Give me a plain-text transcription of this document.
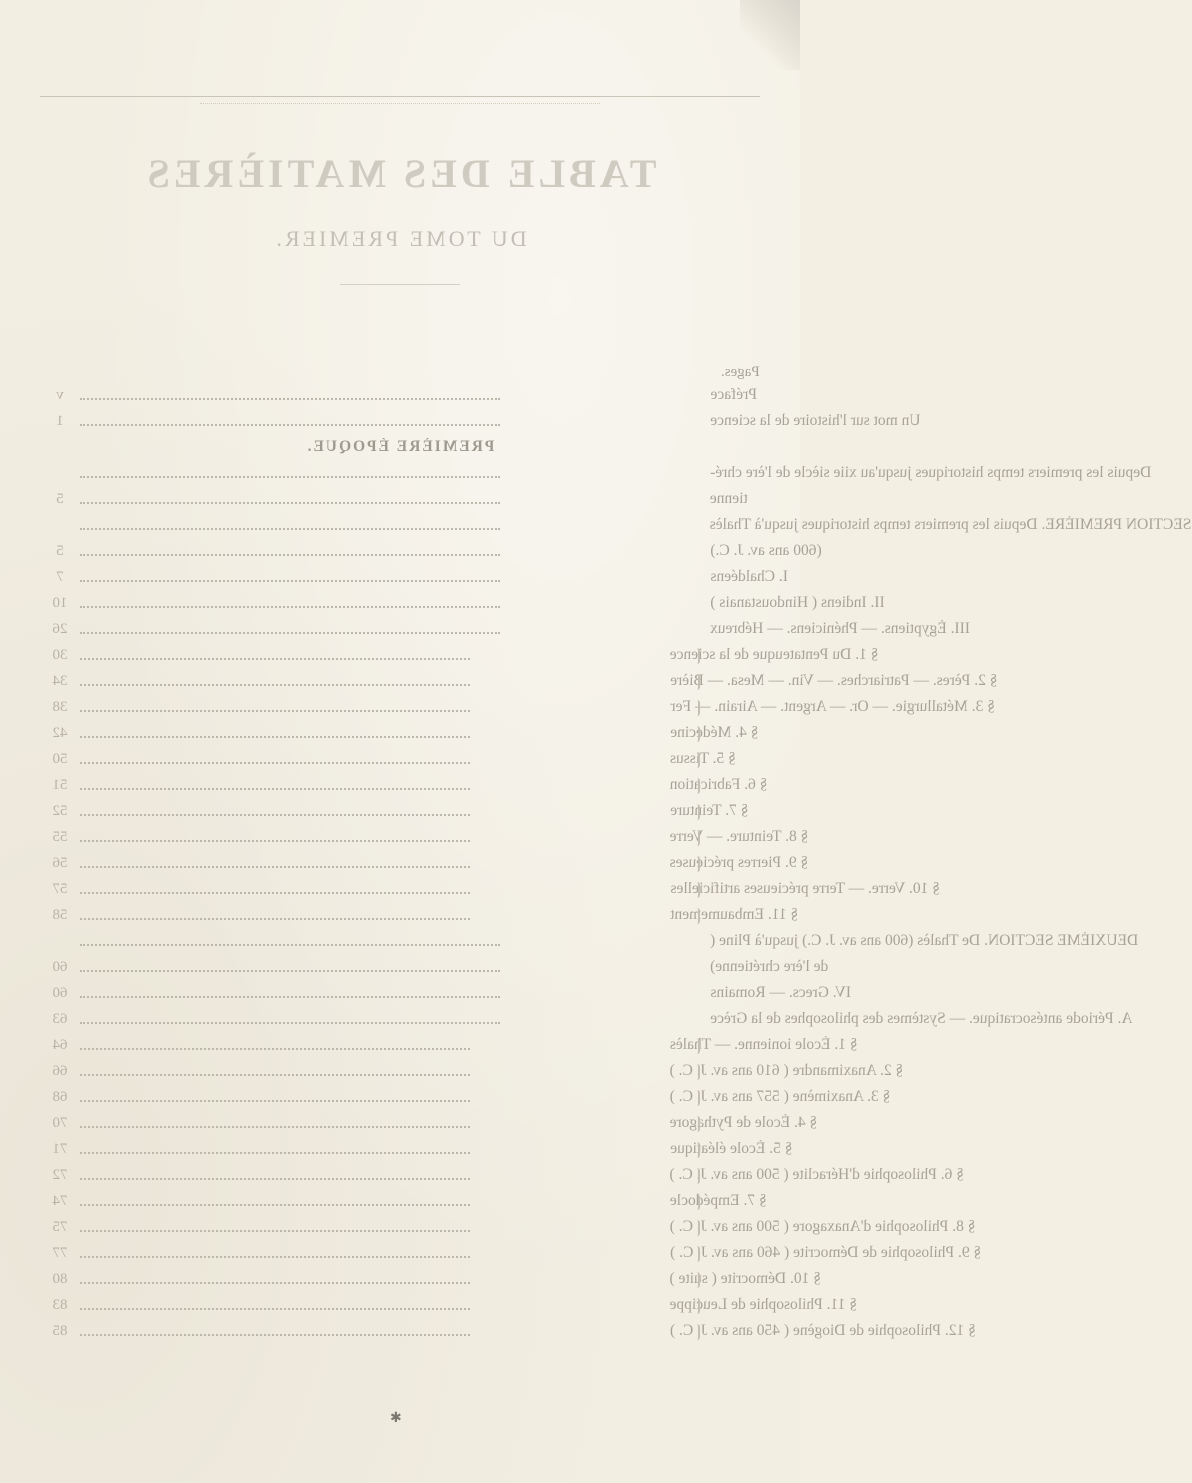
TABLE DES MATIÈRES
DU TOME PREMIER.
Pages.
Préface
v
Un mot sur l'histoire de la science
1
PREMIÈRE ÉPOQUE.
Depuis les premiers temps historiques jusqu'au xiie siècle de l'ère chré-
tienne
5
SECTION PREMIÈRE. Depuis les premiers temps historiques jusqu'à Thalès
(600 ans av. J. C.)
5
I. Chaldéens
7
II. Indiens ( Hindoustanais )
10
III. Égyptiens. — Phéniciens. — Hébreux
26
§ 1. Du Pentateuque de la science
30
§ 2. Pères. — Patriarches. — Vin. — Mesa. — Bière
34
§ 3. Métallurgie. — Or. — Argent. — Airain. — Fer
38
§ 4. Médecine
42
§ 5. Tissus
50
§ 6. Fabrication
51
§ 7. Teinture
52
§ 8. Teinture. — Verre
55
§ 9. Pierres précieuses
56
§ 10. Verre. — Terre précieuses artificielles
57
§ 11. Embaumement
58
DEUXIÈME SECTION. De Thalès (600 ans av. J. C.) jusqu'à Pline (
de l'ère chrétienne)
60
IV. Grecs. — Romains
60
A. Période antésocratique. — Systèmes des philosophes de la Grèce
63
§ 1. École ionienne. — Thalès
64
§ 2. Anaximandre ( 610 ans av. J. C. )
66
§ 3. Anaximène ( 557 ans av. J. C. )
68
§ 4. École de Pythagore
70
§ 5. École éléatique
71
§ 6. Philosophie d'Héraclite ( 500 ans av. J. C. )
72
§ 7. Empédocle
74
§ 8. Philosophie d'Anaxagore ( 500 ans av. J. C. )
75
§ 9. Philosophie de Démocrite ( 460 ans av. J. C. )
77
§ 10. Démocrite ( suite )
80
§ 11. Philosophie de Leucippe
83
§ 12. Philosophie de Diogène ( 450 ans av. J. C. )
85
✱
